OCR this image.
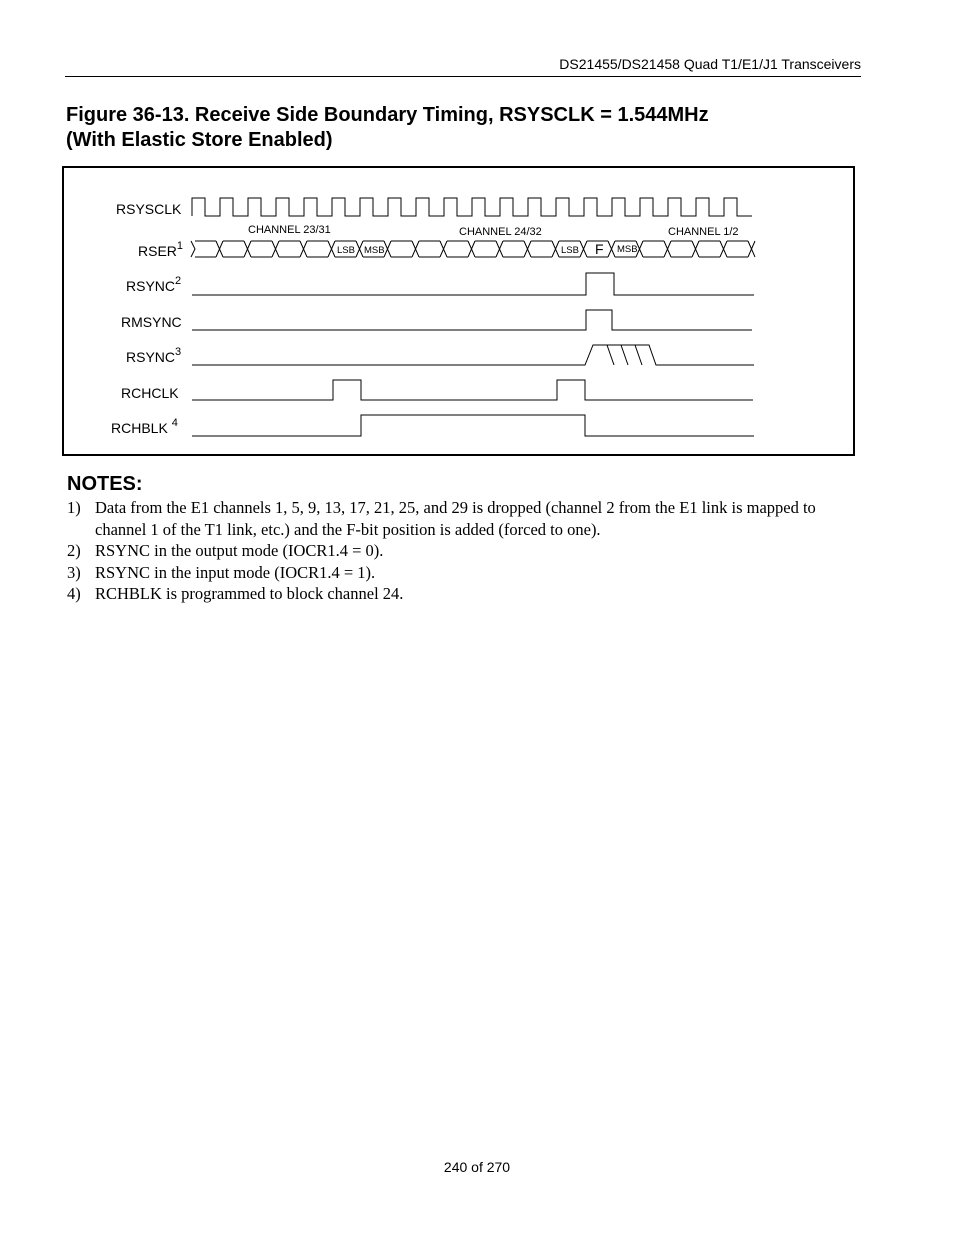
DS21455/DS21458 Quad T1/E1/J1 Transceivers
Figure 36-13. Receive Side Boundary Timing, RSYSCLK = 1.544MHz
(With Elastic Store Enabled)
RSYSCLK
RSER$^1$
RSYNC$^2$
RMSYNC
RSYNC$^3$
RCHCLK
RCHBLK $^4$
CHANNEL 23/31	CHANNEL 24/32	CHANNEL 1/2
LSB MSB	LSB F MSB
NOTES:
1) Data from the E1 channels 1, 5, 9, 13, 17, 21, 25, and 29 is dropped (channel 2 from the E1 link is mapped to channel 1 of the T1 link, etc.) and the F-bit position is added (forced to one).
2) RSYNC in the output mode (IOCR1.4 = 0).
3) RSYNC in the input mode (IOCR1.4 = 1).
4) RCHBLK is programmed to block channel 24.
240 of 270
